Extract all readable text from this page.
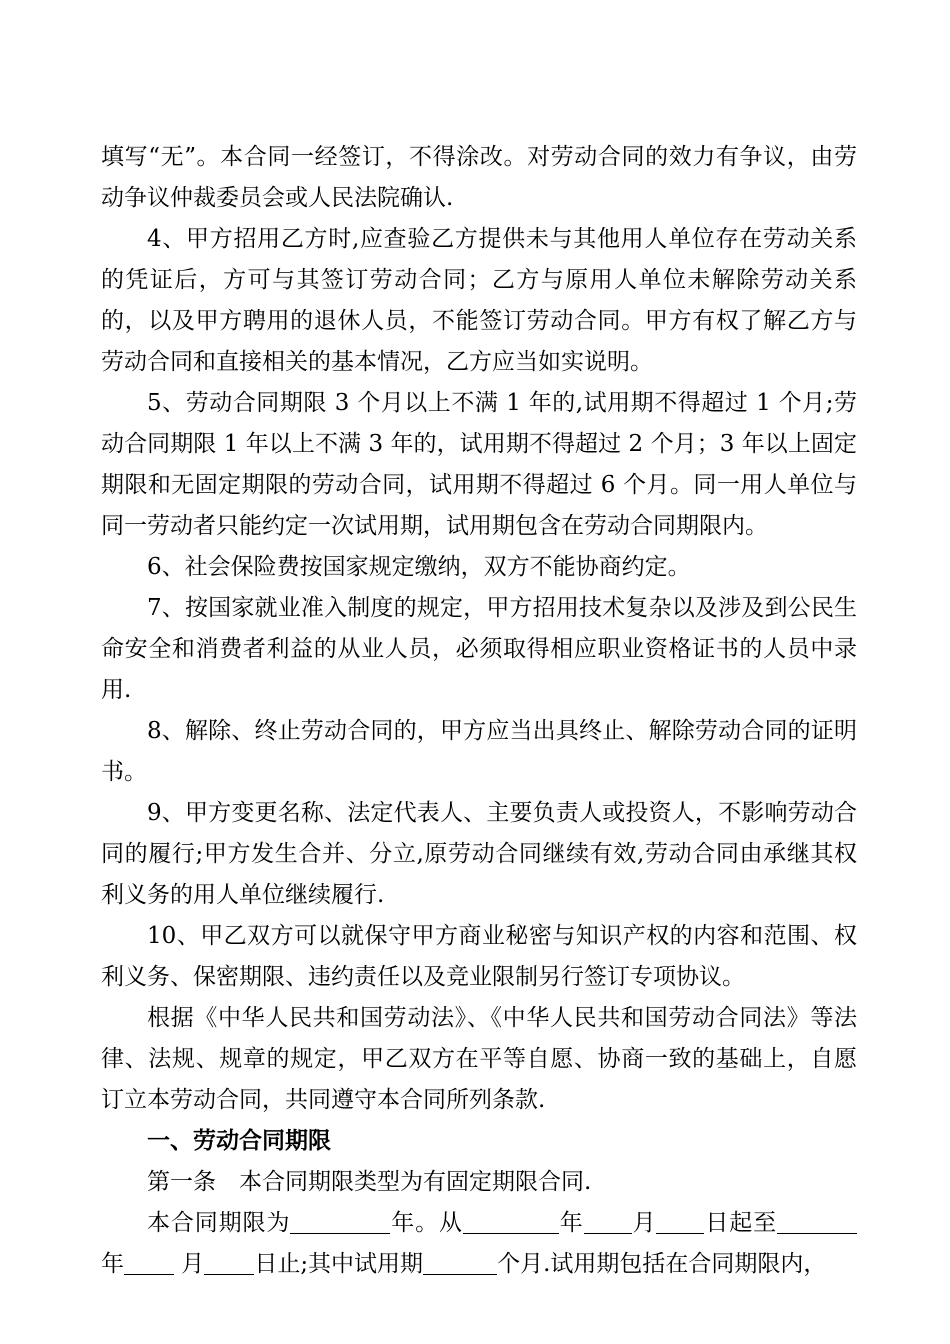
填写“无”。本合同一经签订，不得涂改。对劳动合同的效力有争议，由劳动争议仲裁委员会或人民法院确认.

4、甲方招用乙方时,应查验乙方提供未与其他用人单位存在劳动关系的凭证后，方可与其签订劳动合同；乙方与原用人单位未解除劳动关系的，以及甲方聘用的退休人员，不能签订劳动合同。甲方有权了解乙方与劳动合同和直接相关的基本情况，乙方应当如实说明。

5、劳动合同期限 3 个月以上不满 1 年的,试用期不得超过 1 个月;劳动合同期限 1 年以上不满 3 年的，试用期不得超过 2 个月；3 年以上固定期限和无固定期限的劳动合同，试用期不得超过 6 个月。同一用人单位与同一劳动者只能约定一次试用期，试用期包含在劳动合同期限内。

6、社会保险费按国家规定缴纳，双方不能协商约定。

7、按国家就业准入制度的规定，甲方招用技术复杂以及涉及到公民生命安全和消费者利益的从业人员，必须取得相应职业资格证书的人员中录用.

8、解除、终止劳动合同的，甲方应当出具终止、解除劳动合同的证明书。

9、甲方变更名称、法定代表人、主要负责人或投资人，不影响劳动合同的履行;甲方发生合并、分立,原劳动合同继续有效,劳动合同由承继其权利义务的用人单位继续履行.

10、甲乙双方可以就保守甲方商业秘密与知识产权的内容和范围、权利义务、保密期限、违约责任以及竞业限制另行签订专项协议。

根据《中华人民共和国劳动法》、《中华人民共和国劳动合同法》等法律、法规、规章的规定，甲乙双方在平等自愿、协商一致的基础上，自愿订立本劳动合同，共同遵守本合同所列条款.

一、劳动合同期限

第一条　本合同期限类型为有固定期限合同.

本合同期限为	年。从	年 月 日起至年 月 日止;其中试用期	个月.试用期包括在合同期限内，
